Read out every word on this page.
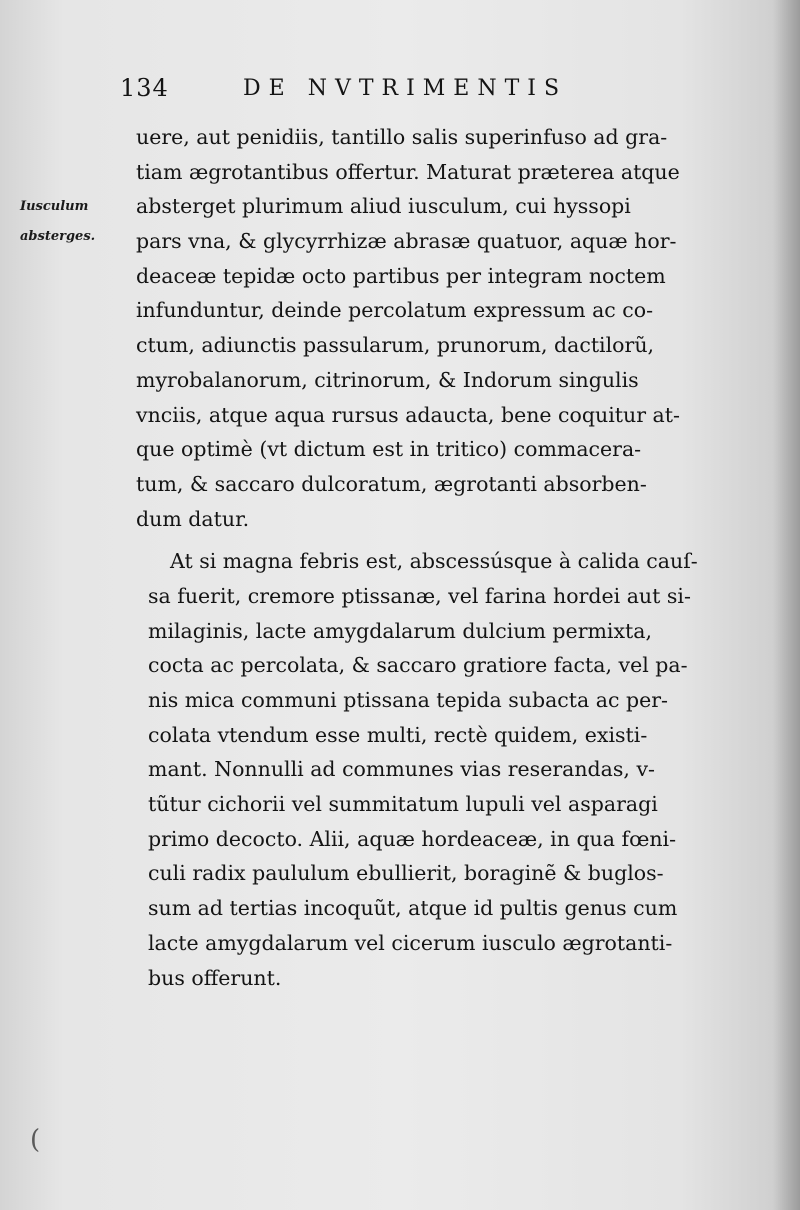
134	DE NVTRIMENTIS
Iusculum
absterges.
uere, aut penidiis, tantillo salis superinfuso ad gra-
tiam ægrotantibus offertur. Maturat præterea atque
absterget plurimum aliud iusculum, cui hyssopi
pars vna, & glycyrrhizæ abrasæ quatuor, aquæ hor-
deaceæ tepidæ octo partibus per integram noctem
infunduntur, deinde percolatum expressum ac co-
ctum, adiunctis passularum, prunorum, dactilorũ,
myrobalanorum, citrinorum, & Indorum singulis
vnciis, atque aqua rursus adaucta, bene coquitur at-
que optimè (vt dictum est in tritico) commacera-
tum, & saccaro dulcoratum, ægrotanti absorben-
dum datur.
At si magna febris est, abscessúsque à calida cauſ-
sa fuerit, cremore ptissanæ, vel farina hordei aut si-
milaginis, lacte amygdalarum dulcium permixta,
cocta ac percolata, & saccaro gratiore facta, vel pa-
nis mica communi ptissana tepida subacta ac per-
colata vtendum esse multi, rectè quidem, existi-
mant. Nonnulli ad communes vias reserandas, v-
tũtur cichorii vel summitatum lupuli vel asparagi
primo decocto. Alii, aquæ hordeaceæ, in qua fœni-
culi radix paululum ebullierit, boraginẽ & buglos-
sum ad tertias incoquũt, atque id pultis genus cum
lacte amygdalarum vel cicerum iusculo ægrotanti-
bus offerunt.
(
